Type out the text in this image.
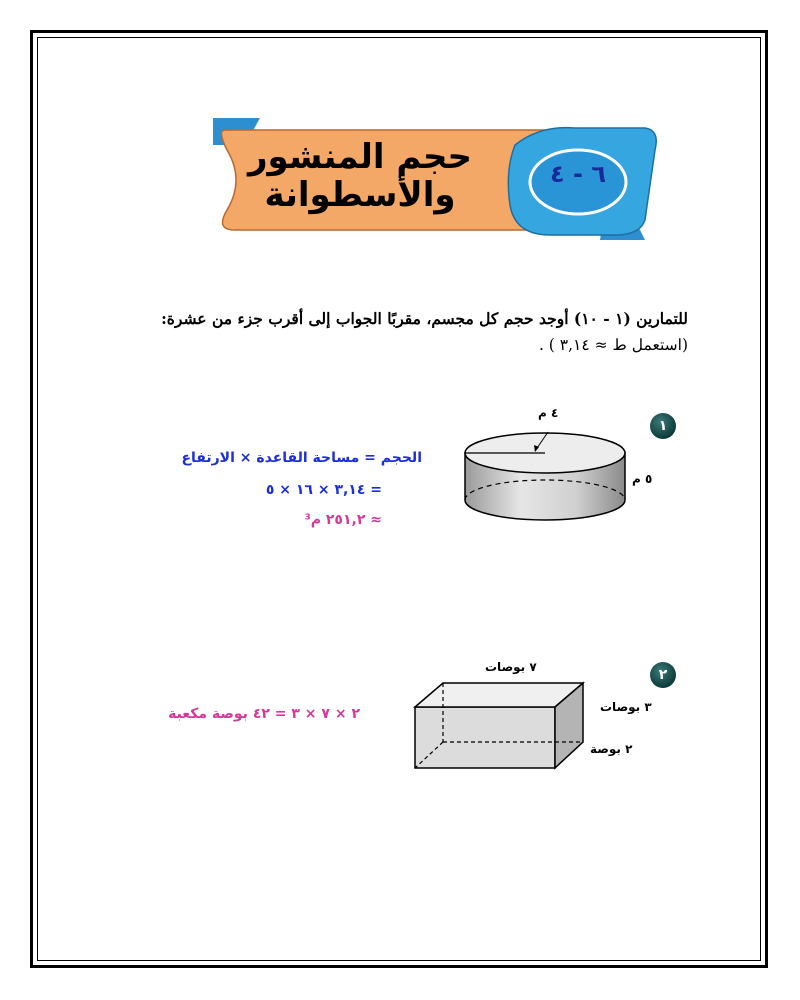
حجم المنشور
والأسطوانة
٦ - ٤
للتمارين (١ - ١٠) أوجد حجم كل مجسم، مقربًا الجواب إلى أقرب جزء من عشرة:
(استعمل ط ≈ ٣,١٤ ) .
١
٤ م
٥ م
الحجم = مساحة القاعدة × الارتفاع
= ٣,١٤ × ١٦ × ٥
≈ ٢٥١,٢ م³
٢
٧ بوصات
٣ بوصات
٢ بوصة
٢ × ٧ × ٣ = ٤٢ بوصة مكعبة
